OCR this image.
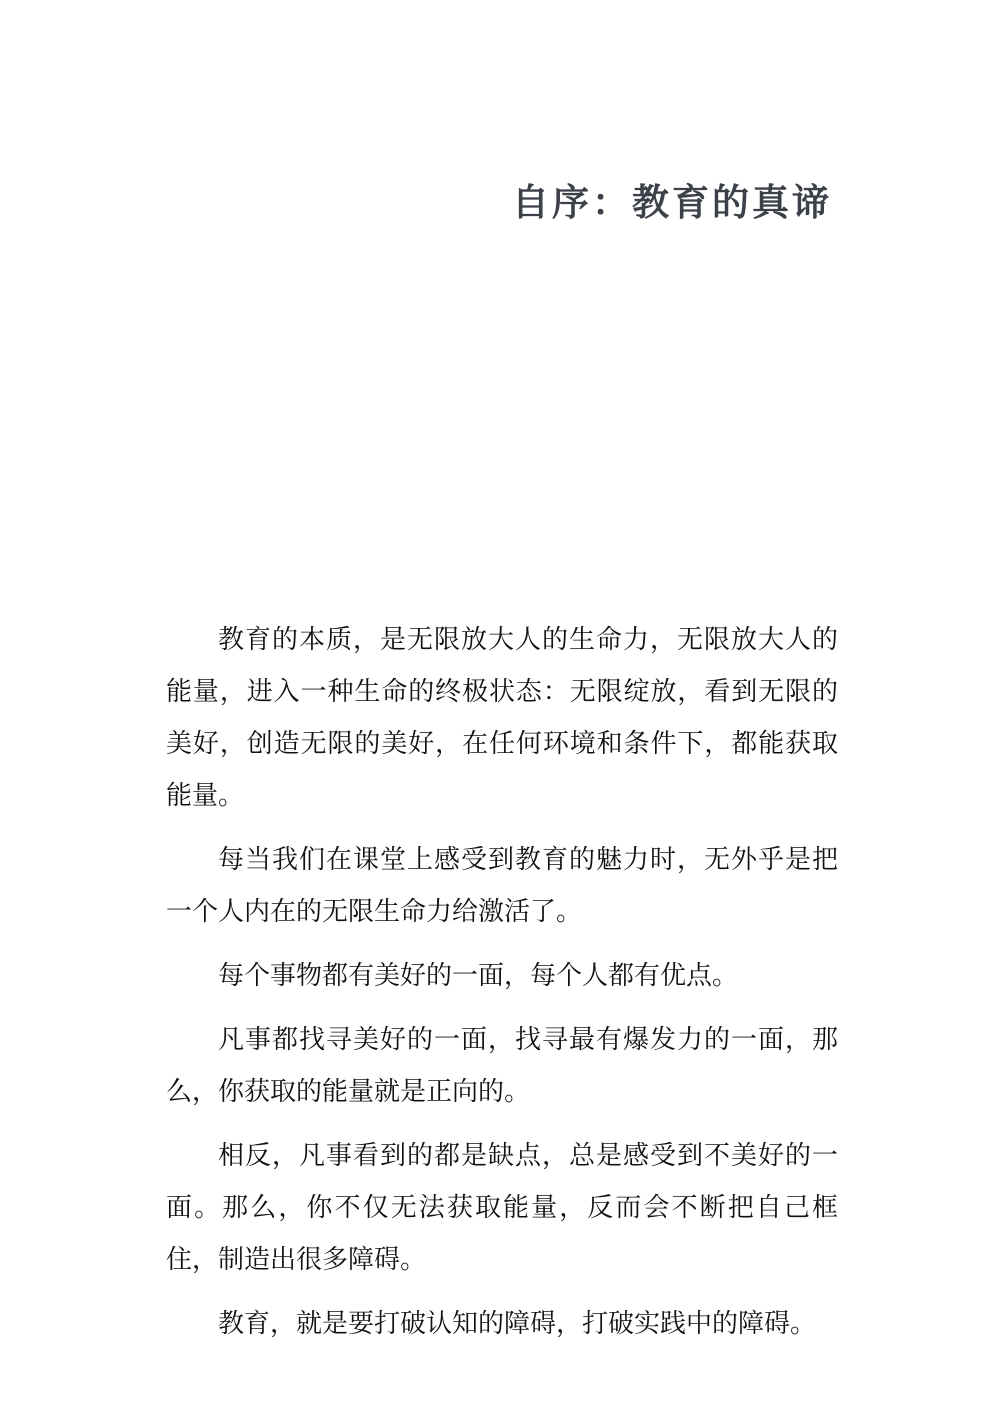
自序：教育的真谛

教育的本质，是无限放大人的生命力，无限放大人的能量，进入一种生命的终极状态：无限绽放，看到无限的美好，创造无限的美好，在任何环境和条件下，都能获取能量。

每当我们在课堂上感受到教育的魅力时，无外乎是把一个人内在的无限生命力给激活了。

每个事物都有美好的一面，每个人都有优点。

凡事都找寻美好的一面，找寻最有爆发力的一面，那么，你获取的能量就是正向的。

相反，凡事看到的都是缺点，总是感受到不美好的一面。那么，你不仅无法获取能量，反而会不断把自己框住，制造出很多障碍。

教育，就是要打破认知的障碍，打破实践中的障碍。
